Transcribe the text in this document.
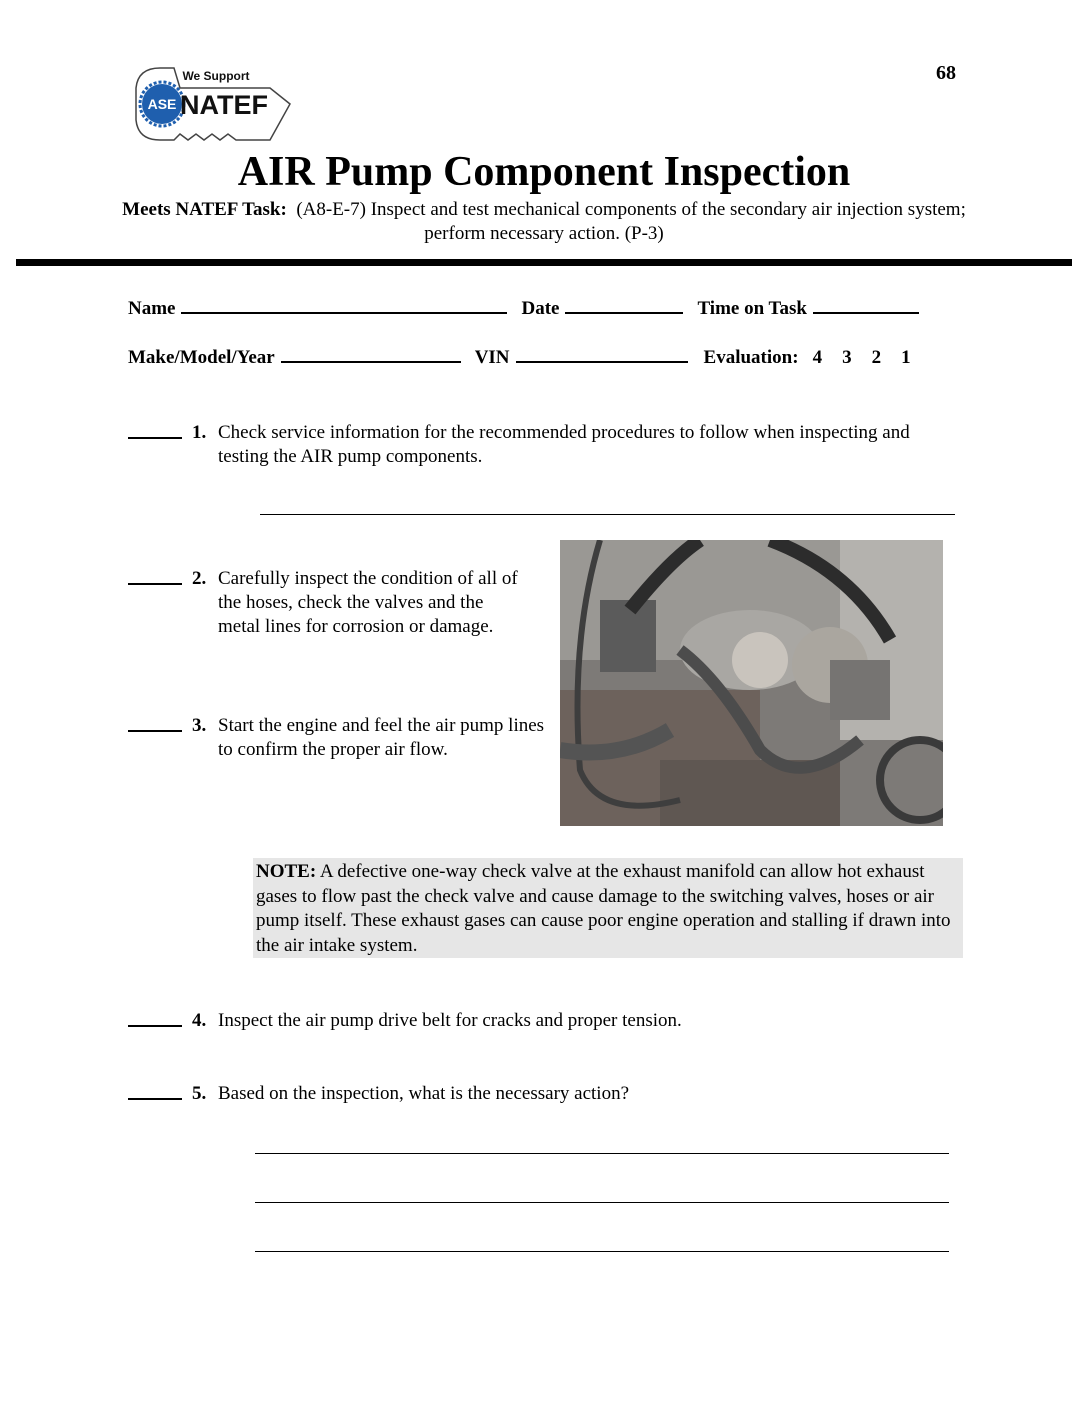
68
ASE
We Support
NATEF
AIR Pump Component Inspection
Meets NATEF Task: (A8-E-7) Inspect and test mechanical components of the secondary air injection system; perform necessary action. (P-3)
Name	Date	Time on Task
Make/Model/Year	VIN	Evaluation: 4 3 2 1
1. Check service information for the recommended procedures to follow when inspecting and testing the AIR pump components.
2. Carefully inspect the condition of all of the hoses, check the valves and the metal lines for corrosion or damage.
3. Start the engine and feel the air pump lines to confirm the proper air flow.
NOTE: A defective one-way check valve at the exhaust manifold can allow hot exhaust gases to flow past the check valve and cause damage to the switching valves, hoses or air pump itself. These exhaust gases can cause poor engine operation and stalling if drawn into the air intake system.
4. Inspect the air pump drive belt for cracks and proper tension.
5. Based on the inspection, what is the necessary action?
